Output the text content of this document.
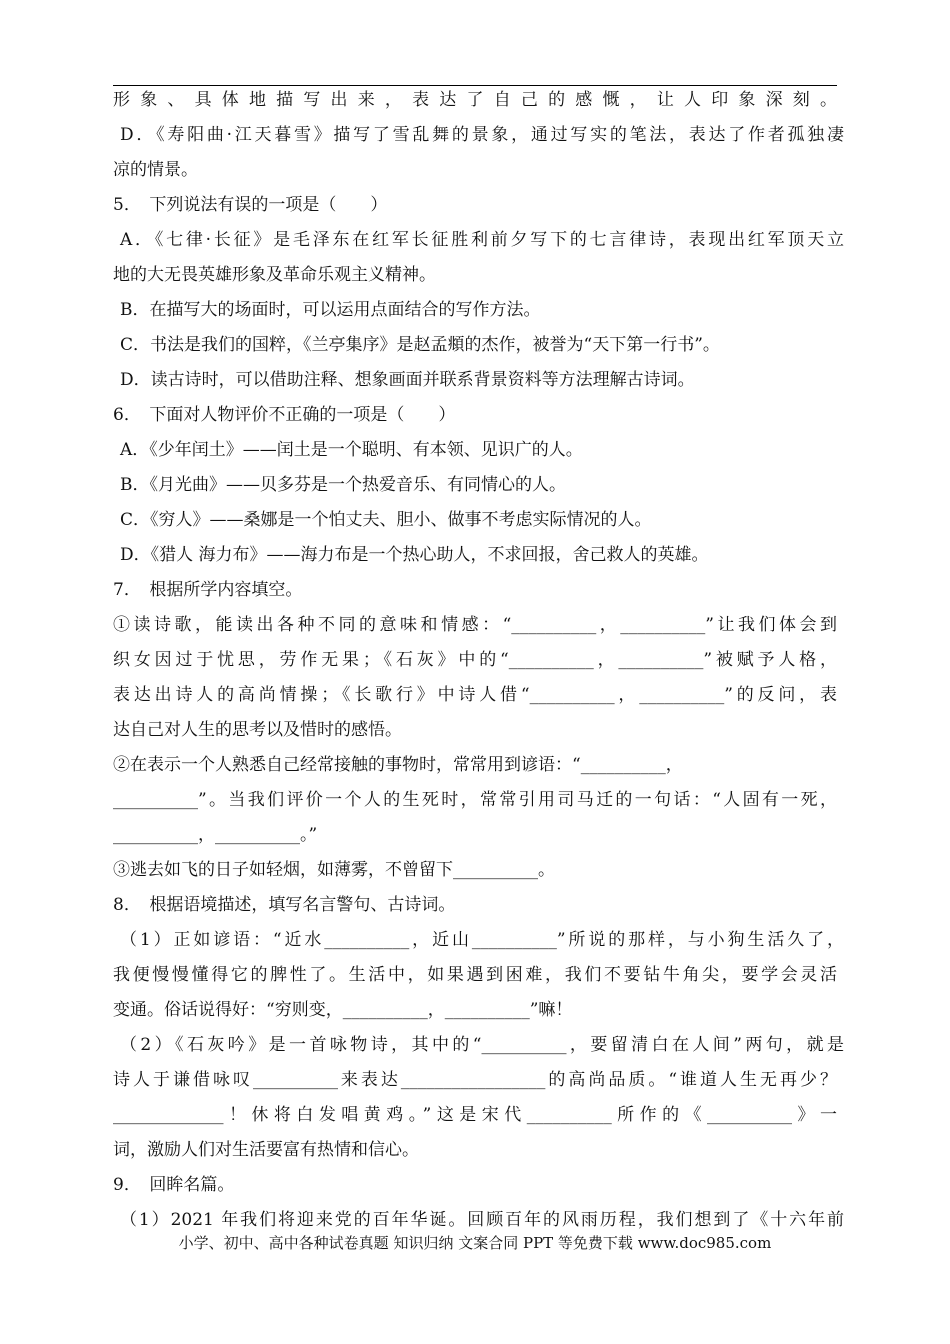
形象、具体地描写出来，表达了自己的感慨，让人印象深刻。
D．《寿阳曲·江天暮雪》描写了雪乱舞的景象，通过写实的笔法，表达了作者孤独凄
凉的情景。
5．　下列说法有误的一项是（　　）
A．《七律·长征》是毛泽东在红军长征胜利前夕写下的七言律诗，表现出红军顶天立
地的大无畏英雄形象及革命乐观主义精神。
B．在描写大的场面时，可以运用点面结合的写作方法。
C．书法是我们的国粹，《兰亭集序》是赵孟頫的杰作，被誉为“天下第一行书”。
D．读古诗时，可以借助注释、想象画面并联系背景资料等方法理解古诗词。
6．　下面对人物评价不正确的一项是（　　）
A．《少年闰土》——闰土是一个聪明、有本领、见识广的人。
B．《月光曲》——贝多芬是一个热爱音乐、有同情心的人。
C．《穷人》——桑娜是一个怕丈夫、胆小、做事不考虑实际情况的人。
D．《猎人 海力布》——海力布是一个热心助人，不求回报，舍己救人的英雄。
7．　根据所学内容填空。
①读诗歌，能读出各种不同的意味和情感：“__________，__________”让我们体会到
织女因过于忧思，劳作无果；《石灰》中的“__________，__________”被赋予人格，
表达出诗人的高尚情操；《长歌行》中诗人借“__________，__________”的反问，表
达自己对人生的思考以及惜时的感悟。
②在表示一个人熟悉自己经常接触的事物时，常常用到谚语：“__________，
__________”。当我们评价一个人的生死时，常常引用司马迁的一句话：“人固有一死，
__________，__________。”
③逃去如飞的日子如轻烟，如薄雾，不曾留下__________。
8．　根据语境描述，填写名言警句、古诗词。
（1）正如谚语：“近水__________，近山__________”所说的那样，与小狗生活久了，
我便慢慢懂得它的脾性了。生活中，如果遇到困难，我们不要钻牛角尖，要学会灵活
变通。俗话说得好：“穷则变，__________，__________”嘛！
（2）《石灰吟》是一首咏物诗，其中的“__________，要留清白在人间”两句，就是
诗人于谦借咏叹__________来表达_________________的高尚品质。“谁道人生无再少？
_____________！休将白发唱黄鸡。”这是宋代__________所作的《__________》一
词，激励人们对生活要富有热情和信心。
9．　回眸名篇。
（1）2021 年我们将迎来党的百年华诞。回顾百年的风雨历程，我们想到了《十六年前
小学、初中、高中各种试卷真题 知识归纳 文案合同 PPT 等免费下载 www.doc985.com
